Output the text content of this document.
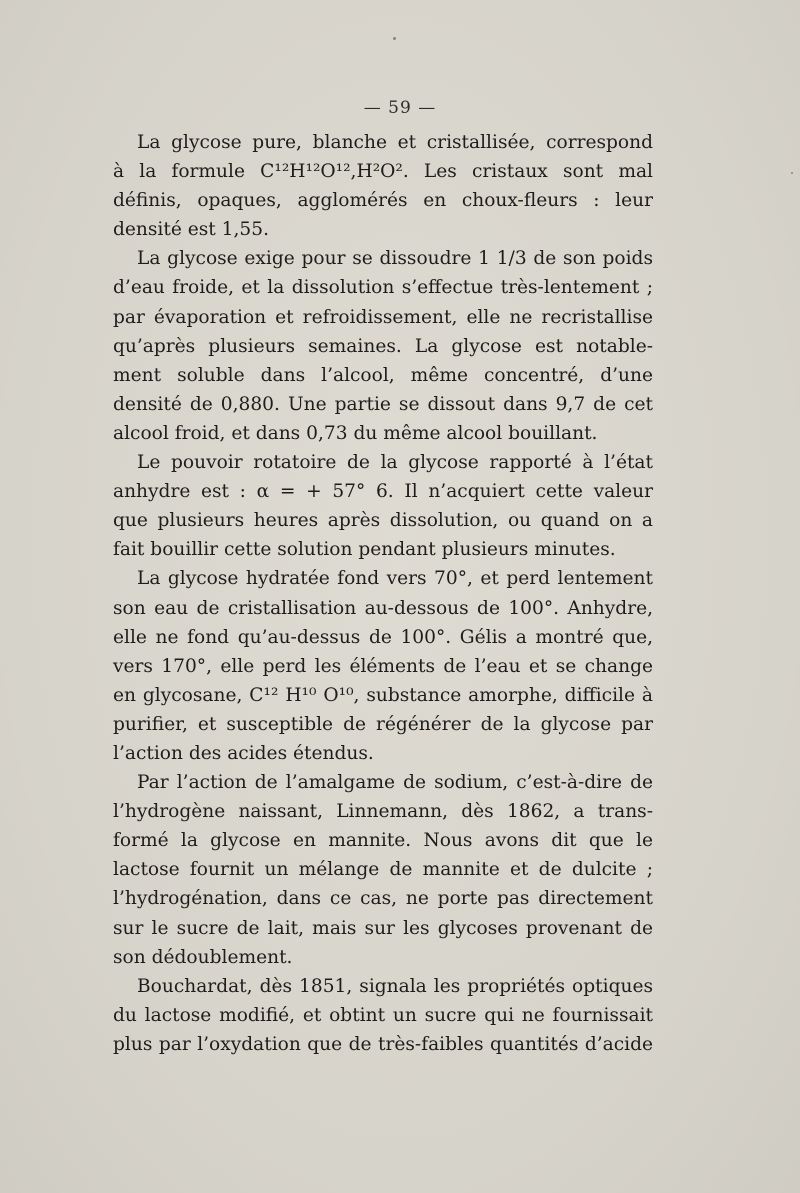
— 59 —

La glycose pure, blanche et cristallisée, correspond
à la formule C¹²H¹²O¹²,H²O². Les cristaux sont mal
définis, opaques, agglomérés en choux-fleurs : leur
densité est 1,55.

La glycose exige pour se dissoudre 1 1/3 de son poids
d’eau froide, et la dissolution s’effectue très-lentement ;
par évaporation et refroidissement, elle ne recristallise
qu’après plusieurs semaines. La glycose est notable-
ment soluble dans l’alcool, même concentré, d’une
densité de 0,880. Une partie se dissout dans 9,7 de cet
alcool froid, et dans 0,73 du même alcool bouillant.

Le pouvoir rotatoire de la glycose rapporté à l’état
anhydre est : α = + 57° 6. Il n’acquiert cette valeur
que plusieurs heures après dissolution, ou quand on a
fait bouillir cette solution pendant plusieurs minutes.

La glycose hydratée fond vers 70°, et perd lentement
son eau de cristallisation au-dessous de 100°. Anhydre,
elle ne fond qu’au-dessus de 100°. Gélis a montré que,
vers 170°, elle perd les éléments de l’eau et se change
en glycosane, C¹² H¹⁰ O¹⁰, substance amorphe, difficile à
purifier, et susceptible de régénérer de la glycose par
l’action des acides étendus.

Par l’action de l’amalgame de sodium, c’est-à-dire de
l’hydrogène naissant, Linnemann, dès 1862, a trans-
formé la glycose en mannite. Nous avons dit que le
lactose fournit un mélange de mannite et de dulcite ;
l’hydrogénation, dans ce cas, ne porte pas directement
sur le sucre de lait, mais sur les glycoses provenant de
son dédoublement.

Bouchardat, dès 1851, signala les propriétés optiques
du lactose modifié, et obtint un sucre qui ne fournissait
plus par l’oxydation que de très-faibles quantités d’acide
